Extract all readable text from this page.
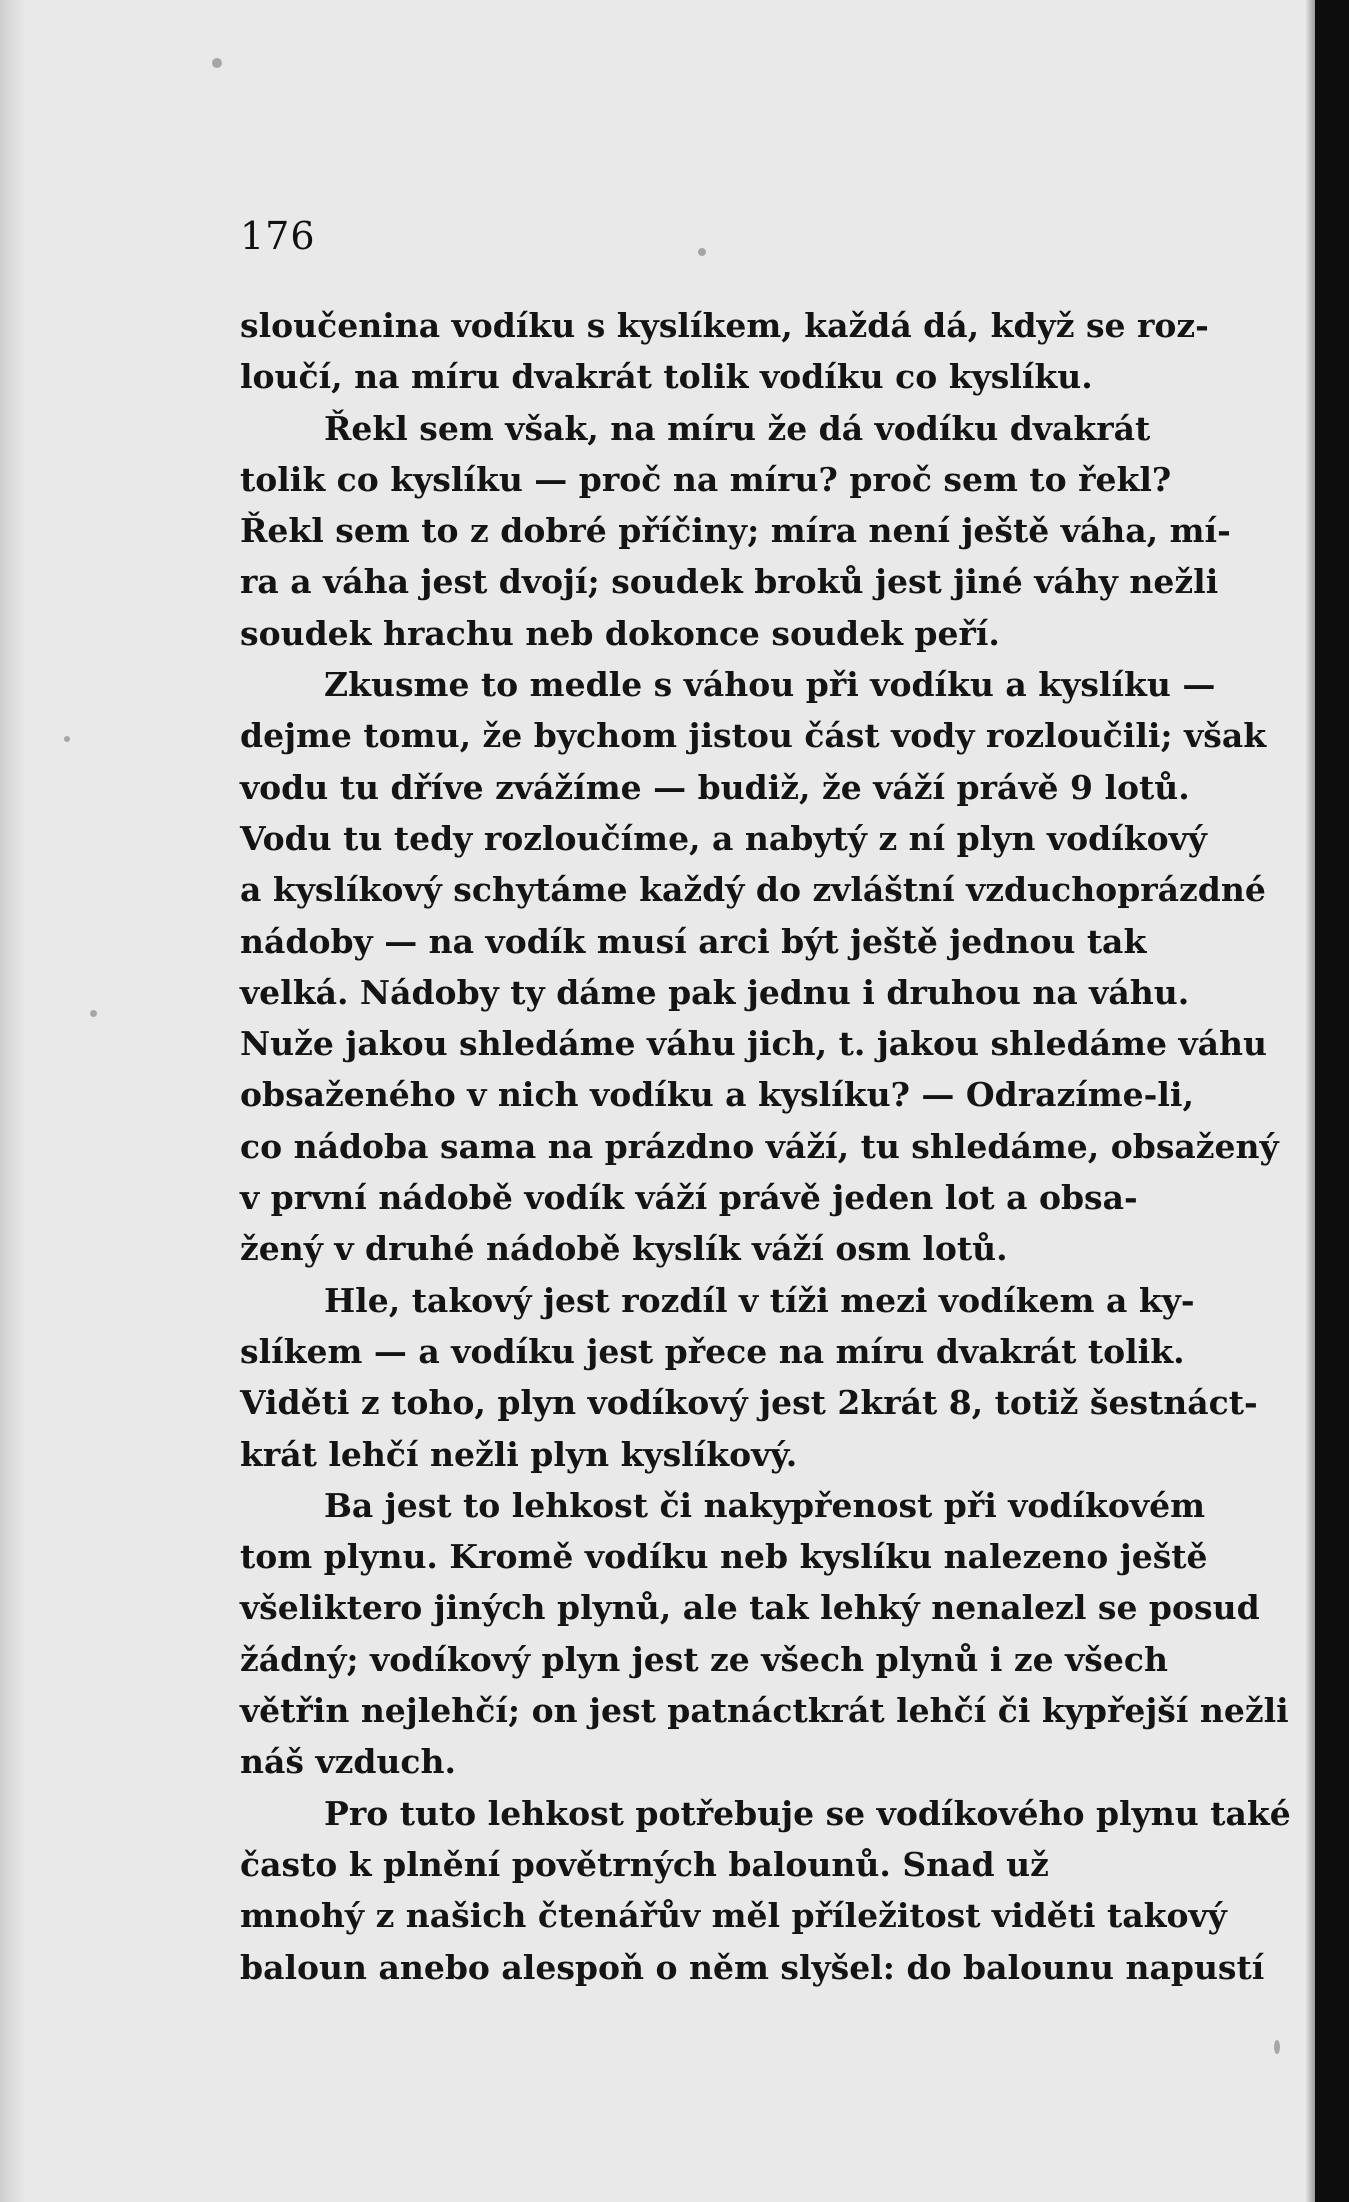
176
sloučenina vodíku s kyslíkem, každá dá, když se roz-
loučí, na míru dvakrát tolik vodíku co kyslíku.
Řekl sem však, na míru že dá vodíku dvakrát
tolik co kyslíku — proč na míru? proč sem to řekl?
Řekl sem to z dobré příčiny; míra není ještě váha, mí-
ra a váha jest dvojí; soudek broků jest jiné váhy nežli
soudek hrachu neb dokonce soudek peří.
Zkusme to medle s váhou při vodíku a kyslíku —
dejme tomu, že bychom jistou část vody rozloučili; však
vodu tu dříve zvážíme — budiž, že váží právě 9 lotů.
Vodu tu tedy rozloučíme, a nabytý z ní plyn vodíkový
a kyslíkový schytáme každý do zvláštní vzduchoprázdné
nádoby — na vodík musí arci být ještě jednou tak
velká. Nádoby ty dáme pak jednu i druhou na váhu.
Nuže jakou shledáme váhu jich, t. jakou shledáme váhu
obsaženého v nich vodíku a kyslíku? — Odrazíme-li,
co nádoba sama na prázdno váží, tu shledáme, obsažený
v první nádobě vodík váží právě jeden lot a obsa-
žený v druhé nádobě kyslík váží osm lotů.
Hle, takový jest rozdíl v tíži mezi vodíkem a ky-
slíkem — a vodíku jest přece na míru dvakrát tolik.
Viděti z toho, plyn vodíkový jest 2krát 8, totiž šestnáct-
krát lehčí nežli plyn kyslíkový.
Ba jest to lehkost či nakypřenost při vodíkovém
tom plynu. Kromě vodíku neb kyslíku nalezeno ještě
všeliktero jiných plynů, ale tak lehký nenalezl se posud
žádný; vodíkový plyn jest ze všech plynů i ze všech
větřin nejlehčí; on jest patnáctkrát lehčí či kypřejší nežli
náš vzduch.
Pro tuto lehkost potřebuje se vodíkového plynu také
často k plnění povětrných balounů. Snad už
mnohý z našich čtenářův měl příležitost viděti takový
baloun anebo alespoň o něm slyšel: do balounu napustí
